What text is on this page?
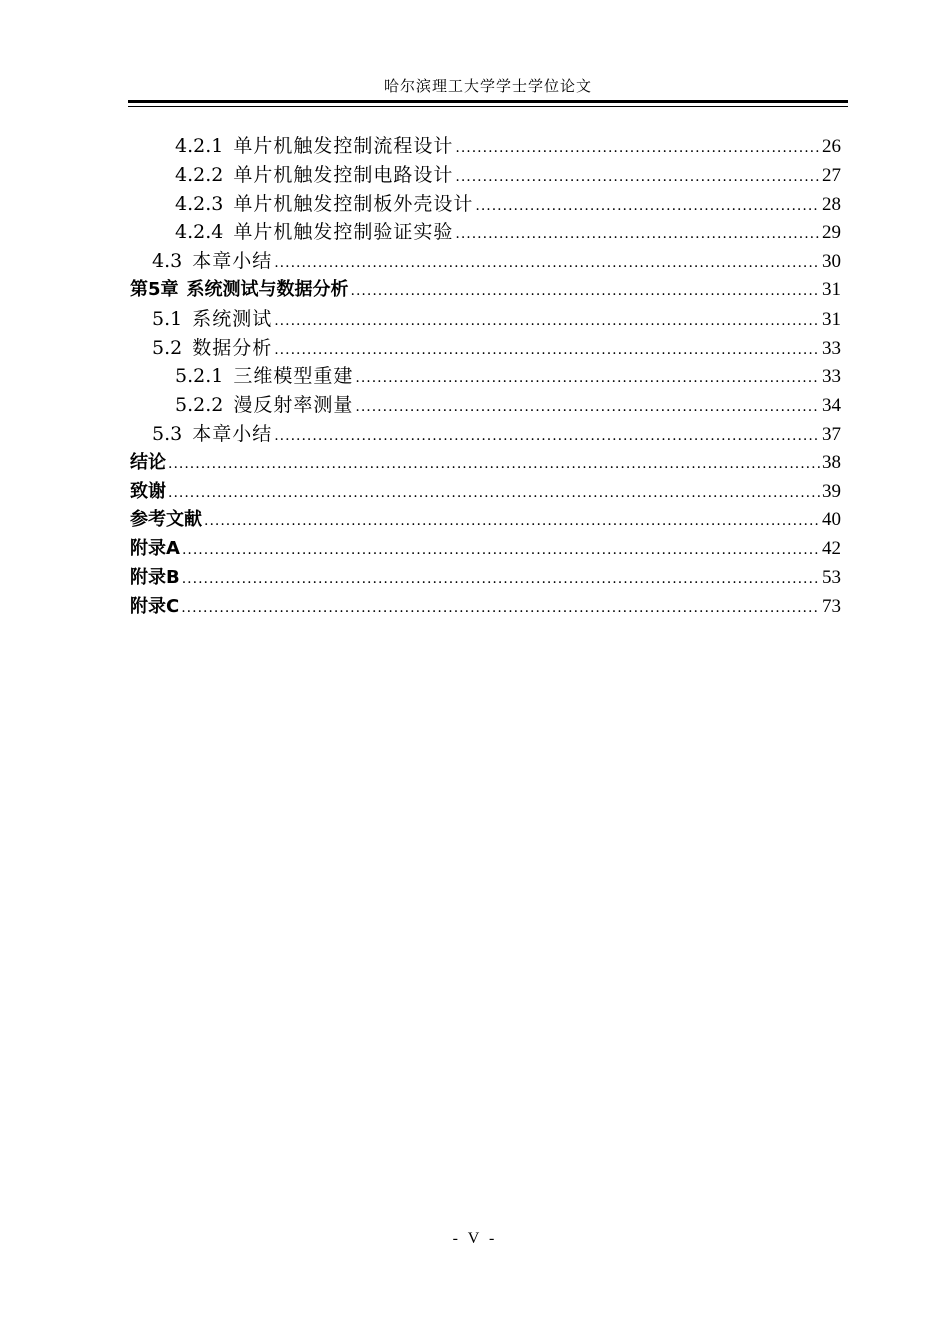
哈尔滨理工大学学士学位论文
4.2.1 单片机触发控制流程设计 .....	26
4.2.2 单片机触发控制电路设计 .....	27
4.2.3 单片机触发控制板外壳设计 .....	28
4.2.4 单片机触发控制验证实验 .....	29
4.3 本章小结 .....	30
第5章 系统测试与数据分析 .....	31
5.1 系统测试 .....	31
5.2 数据分析 .....	33
5.2.1 三维模型重建 .....	33
5.2.2 漫反射率测量 .....	34
5.3 本章小结 .....	37
结论 .....	38
致谢 .....	39
参考文献 .....	40
附录A .....	42
附录B .....	53
附录C .....	73
- V -
